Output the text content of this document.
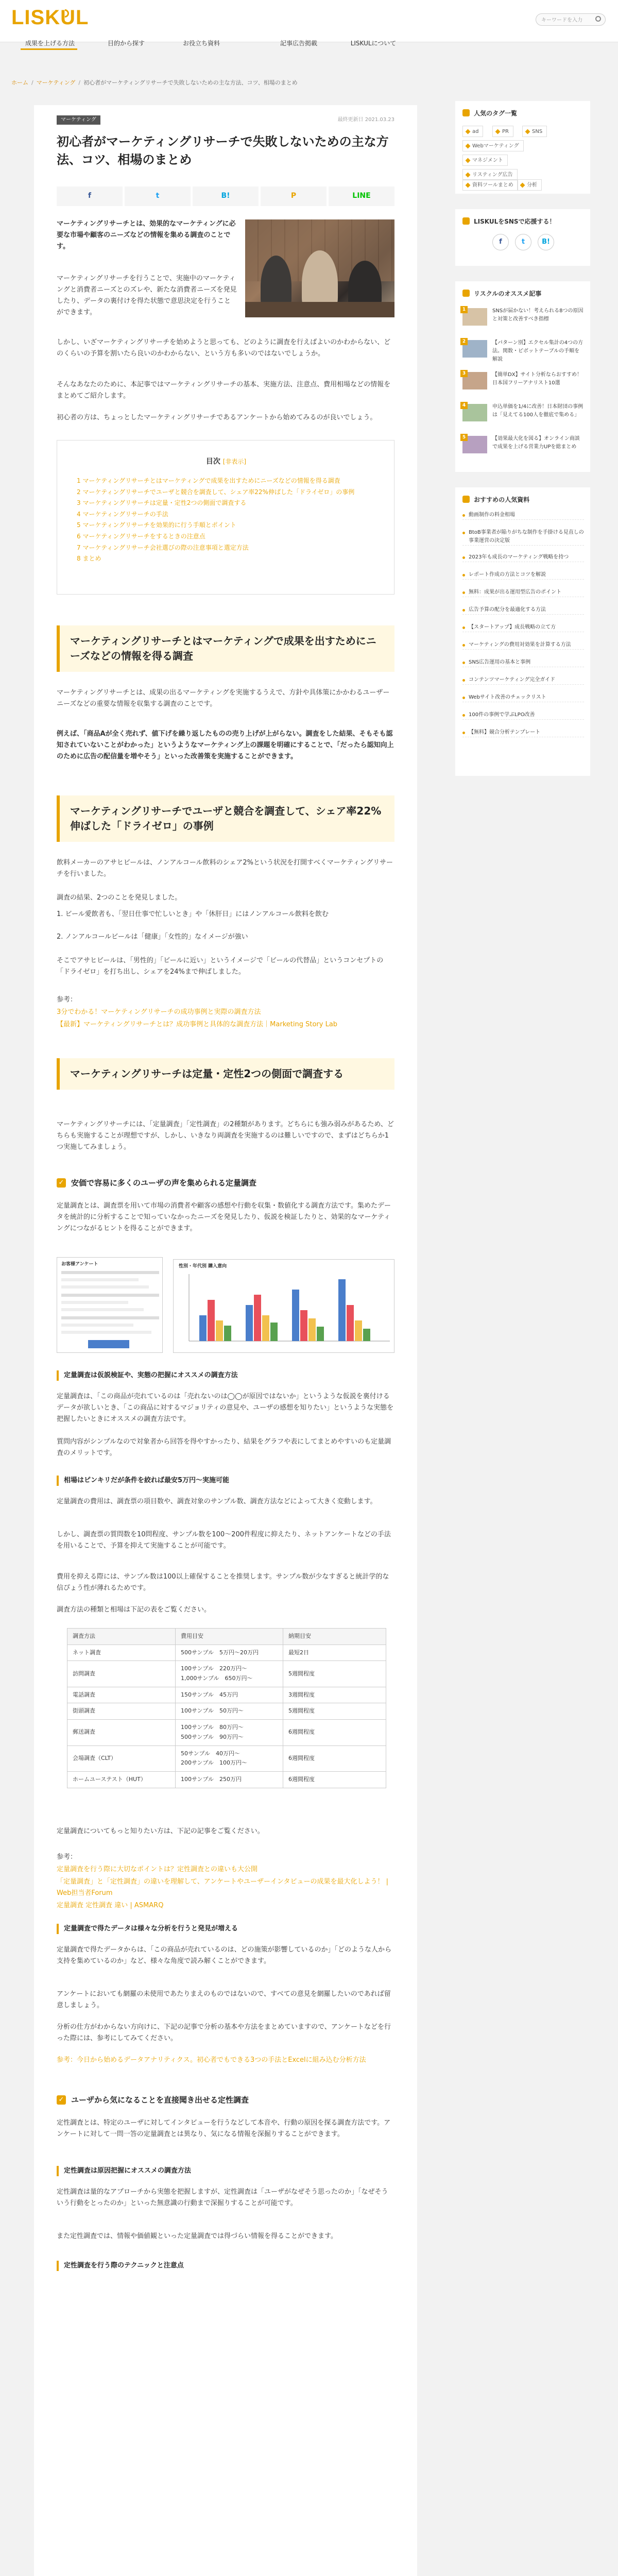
LISKUL	キーワードを入力
成果を上げる方法	目的から探す	お役立ち資料	記事広告掲載	LISKULについて
ホーム / マーケティング / 初心者がマーケティングリサーチで失敗しないための主な方法、コツ、相場のまとめ
マーケティング	最終更新日 2021.03.23
初心者がマーケティングリサーチで失敗しないための主な方法、コツ、相場のまとめ
f	t	B!	P	LINE

マーケティングリサーチとは、効果的なマーケティングに必要な市場や顧客のニーズなどの情報を集める調査のことです。

マーケティングリサーチを行うことで、実施中のマーケティングと消費者ニーズとのズレや、新たな消費者ニーズを発見したり、データの裏付けを得た状態で意思決定を行うことができます。

しかし、いざマーケティングリサーチを始めようと思っても、どのように調査を行えばよいのかわからない、どのくらいの予算を割いたら良いのかわからない、という方も多いのではないでしょうか。

そんなあなたのために、本記事ではマーケティングリサーチの基本、実施方法、注意点、費用相場などの情報をまとめてご紹介します。

初心者の方は、ちょっとしたマーケティングリサーチであるアンケートから始めてみるのが良いでしょう。

目次 [非表示]
1 マーケティングリサーチとはマーケティングで成果を出すためにニーズなどの情報を得る調査
2 マーケティングリサーチでユーザと競合を調査して、シェア率22%伸ばした「ドライゼロ」の事例
3 マーケティングリサーチは定量・定性2つの側面で調査する
4 マーケティングリサーチの手法
5 マーケティングリサーチを効果的に行う手順とポイント
6 マーケティングリサーチをするときの注意点
7 マーケティングリサーチ会社選びの際の注意事項と選定方法
8 まとめ
マーケティングリサーチとはマーケティングで成果を出すためにニーズなどの情報を得る調査

マーケティングリサーチとは、成果の出るマーケティングを実施するうえで、方針や具体策にかかわるユーザーニーズなどの重要な情報を収集する調査のことです。

例えば、「商品Aが全く売れず、値下げを繰り返したものの売り上げが上がらない。調査をした結果、そもそも認知されていないことがわかった」というようなマーケティング上の課題を明確にすることで、「だったら認知向上のために広告の配信量を増やそう」といった改善策を実施することができます。

マーケティングリサーチでユーザと競合を調査して、シェア率22%伸ばした「ドライゼロ」の事例

飲料メーカーのアサヒビールは、ノンアルコール飲料のシェア2%という状況を打開すべくマーケティングリサーチを行いました。

調査の結果、2つのことを発見しました。

1. ビール愛飲者も、「翌日仕事で忙しいとき」や「休肝日」にはノンアルコール飲料を飲む

2. ノンアルコールビールは「健康」「女性的」なイメージが強い

そこでアサヒビールは、「男性的」「ビールに近い」というイメージで「ビールの代替品」というコンセプトの「ドライゼロ」を打ち出し、シェアを24%まで伸ばしました。

参考：

3分でわかる！マーケティングリサーチの成功事例と実際の調査方法

【最新】マーケティングリサーチとは？成功事例と具体的な調査方法｜Marketing Story Lab

マーケティングリサーチは定量・定性2つの側面で調査する

マーケティングリサーチには、「定量調査」「定性調査」の2種類があります。どちらにも強み弱みがあるため、どちらも実施することが理想ですが、しかし、いきなり両調査を実施するのは難しいですので、まずはどちらか1つ実施してみましょう。

✓ 安価で容易に多くのユーザの声を集められる定量調査

定量調査とは、調査票を用いて市場の消費者や顧客の感想や行動を収集・数値化する調査方法です。集めたデータを統計的に分析することで知っていなかったニーズを発見したり、仮説を検証したりと、効果的なマーケティングにつながるヒントを得ることができます。

お客様アンケート	性別・年代別 購入意向
定量調査は仮説検証や、実態の把握にオススメの調査方法

定量調査は、「この商品が売れているのは「売れないのは◯◯が原因ではないか」というような仮説を裏付けるデータが欲しいとき、「この商品に対するマジョリティの意見や、ユーザの感想を知りたい」というような実態を把握したいときにオススメの調査方法です。

質問内容がシンプルなので対象者から回答を得やすかったり、結果をグラフや表にしてまとめやすいのも定量調査のメリットです。

相場はピンキリだが条件を絞れば最安5万円〜実施可能

定量調査の費用は、調査票の項目数や、調査対象のサンプル数、調査方法などによって大きく変動します。

しかし、調査票の質問数を10問程度、サンプル数を100〜200件程度に抑えたり、ネットアンケートなどの手法を用いることで、予算を抑えて実施することが可能です。

費用を抑える際には、サンプル数は100以上確保することを推奨します。サンプル数が少なすぎると統計学的な信ぴょう性が薄れるためです。

調査方法の種類と相場は下記の表をご覧ください。

調査方法	費用目安	納期目安
ネット調査	500サンプル　5万円〜20万円	最短2日
訪問調査	100サンプル　220万円〜
1,000サンプル　650万円〜	5週間程度
電話調査	150サンプル　45万円	3週間程度
街頭調査	100サンプル　50万円〜	5週間程度
郵送調査	100サンプル　80万円〜
500サンプル　90万円〜	6週間程度
会場調査（CLT）	50サンプル　40万円〜
200サンプル　100万円〜	6週間程度
ホームユーステスト（HUT）	100サンプル　250万円	6週間程度

定量調査についてもっと知りたい方は、下記の記事をご覧ください。

参考：

定量調査を行う際に大切なポイントは？定性調査との違いも大公開

「定量調査」と「定性調査」の違いを理解して、アンケートやユーザーインタビューの成果を最大化しよう！ | Web担当者Forum

定量調査 定性調査 違い | ASMARQ

定量調査で得たデータは様々な分析を行うと発見が増える

定量調査で得たデータからは、「この商品が売れているのは、どの施策が影響しているのか」「どのような人から支持を集めているのか」など、様々な角度で読み解くことができます。

アンケートにおいても網羅の未使用であたりまえのものではないので、すべての意見を網羅したいのであれば留意しましょう。

分析の仕方がわからない方向けに、下記の記事で分析の基本や方法をまとめていますので、アンケートなどを行った際には、参考にしてみてください。

参考：今日から始めるデータアナリティクス。初心者でもできる3つの手法とExcelに組み込む分析方法

✓ ユーザから気になることを直接聞き出せる定性調査

定性調査とは、特定のユーザに対してインタビューを行うなどして本音や、行動の原因を探る調査方法です。アンケートに対して一問一答の定量調査とは異なり、気になる情報を深掘りすることができます。

定性調査は原因把握にオススメの調査方法

定性調査は量的なアプローチから実態を把握しますが、定性調査は「ユーザがなぜそう思ったのか」「なぜそういう行動をとったのか」といった無意識の行動まで深掘りすることが可能です。

また定性調査では、情報や価値観といった定量調査では得づらい情報を得ることができます。

定性調査を行う際のテクニックと注意点
人気のタグ一覧
ad	PR	SNS
Webマーケティング
マネジメント
リスティング広告
資料ツールまとめ	分析
LISKULをSNSで応援する！
f	t	B!
リスクルのオススメ記事
1	SNSが届かない！考えられる8つの原因と対策と改善すべき指標
2	【パターン別】エクセル集計の4つの方法。関数・ピボットテーブルの手順を解説
3	【簡単DX】サイト分析ならおすすめ！日本国フリーアナリスト10選
4	申込単価を1/4に改善！日本財団の事例は「見えてる100人を徹底で集める」
5	【効果最大化を図る】オンライン商談で成果を上げる営業力UPを総まとめ
おすすめの人気資料
動画制作の料金相場
BtoB事業者が陥りがちな制作を手掛ける見直しの事業運営の決定版
2023年も成長のマーケティング戦略を持つ
レポート作成の方法とコツを解説
無料：成果が出る運用型広告のポイント
広告予算の配分を最適化する方法
【スタートアップ】成長戦略の立て方
マーケティングの費用対効果を計算する方法
SNS広告運用の基本と事例
コンテンツマーケティング完全ガイド
Webサイト改善のチェックリスト
100件の事例で学ぶLPO改善
【無料】競合分析テンプレート
